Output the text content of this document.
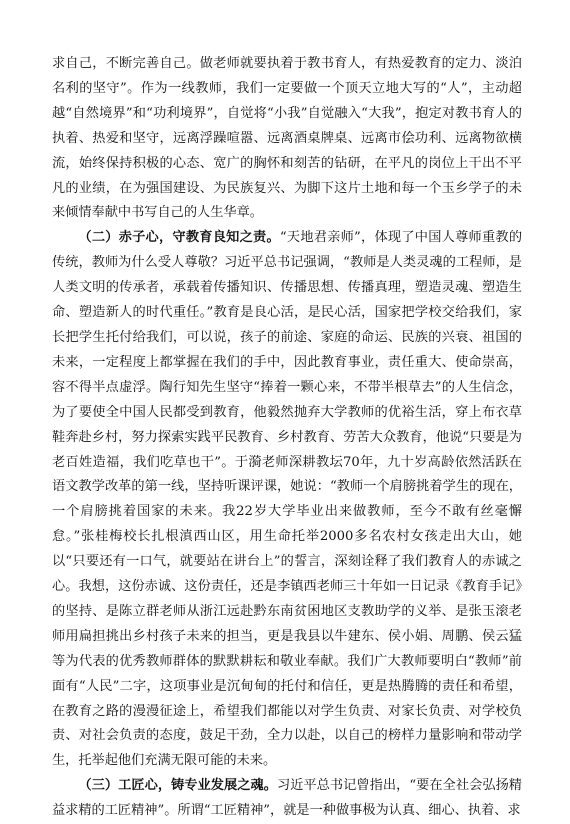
求自己，不断完善自己。做老师就要执着于教书育人，有热爱教育的定力、淡泊名利的坚守”。作为一线教师，我们一定要做一个顶天立地大写的“人”，主动超越“自然境界”和“功利境界”，自觉将“小我”自觉融入“大我”，抱定对教书育人的执着、热爱和坚守，远离浮躁喧嚣、远离酒桌牌桌、远离市侩功利、远离物欲横流，始终保持积极的心态、宽广的胸怀和刻苦的钻研，在平凡的岗位上干出不平凡的业绩，在为强国建设、为民族复兴、为脚下这片土地和每一个玉乡学子的未来倾情奉献中书写自己的人生华章。

（二）赤子心，守教育良知之责。“天地君亲师”，体现了中国人尊师重教的传统，教师为什么受人尊敬？习近平总书记强调，“教师是人类灵魂的工程师，是人类文明的传承者，承载着传播知识、传播思想、传播真理，塑造灵魂、塑造生命、塑造新人的时代重任。”教育是良心活，是民心活，国家把学校交给我们，家长把学生托付给我们，可以说，孩子的前途、家庭的命运、民族的兴衰、祖国的未来，一定程度上都掌握在我们的手中，因此教育事业，责任重大、使命崇高，容不得半点虚浮。陶行知先生坚守“捧着一颗心来，不带半根草去”的人生信念，为了要使全中国人民都受到教育，他毅然抛弃大学教师的优裕生活，穿上布衣草鞋奔赴乡村，努力探索实践平民教育、乡村教育、劳苦大众教育，他说“只要是为老百姓造福，我们吃草也干”。于漪老师深耕教坛70年，九十岁高龄依然活跃在语文教学改革的第一线，坚持听课评课，她说：“教师一个肩膀挑着学生的现在，一个肩膀挑着国家的未来。我22岁大学毕业出来做教师，至今不敢有丝毫懈怠。”张桂梅校长扎根滇西山区，用生命托举2000多名农村女孩走出大山，她以“只要还有一口气，就要站在讲台上”的誓言，深刻诠释了我们教育人的赤诚之心。我想，这份赤诚、这份责任，还是李镇西老师三十年如一日记录《教育手记》的坚持、是陈立群老师从浙江远赴黔东南贫困地区支教助学的义举、是张玉滚老师用扁担挑出乡村孩子未来的担当，更是我县以牛建东、侯小娟、周鹏、侯云猛等为代表的优秀教师群体的默默耕耘和敬业奉献。我们广大教师要明白“教师”前面有“人民”二字，这项事业是沉甸甸的托付和信任，更是热腾腾的责任和希望，在教育之路的漫漫征途上，希望我们都能以对学生负责、对家长负责、对学校负责、对社会负责的态度，鼓足干劲，全力以赴，以自己的榜样力量影响和带动学生，托举起他们充满无限可能的未来。

（三）工匠心，铸专业发展之魂。习近平总书记曾指出，“要在全社会弘扬精益求精的工匠精神”。所谓“工匠精神”，就是一种做事极为认真、细心、执着、求
